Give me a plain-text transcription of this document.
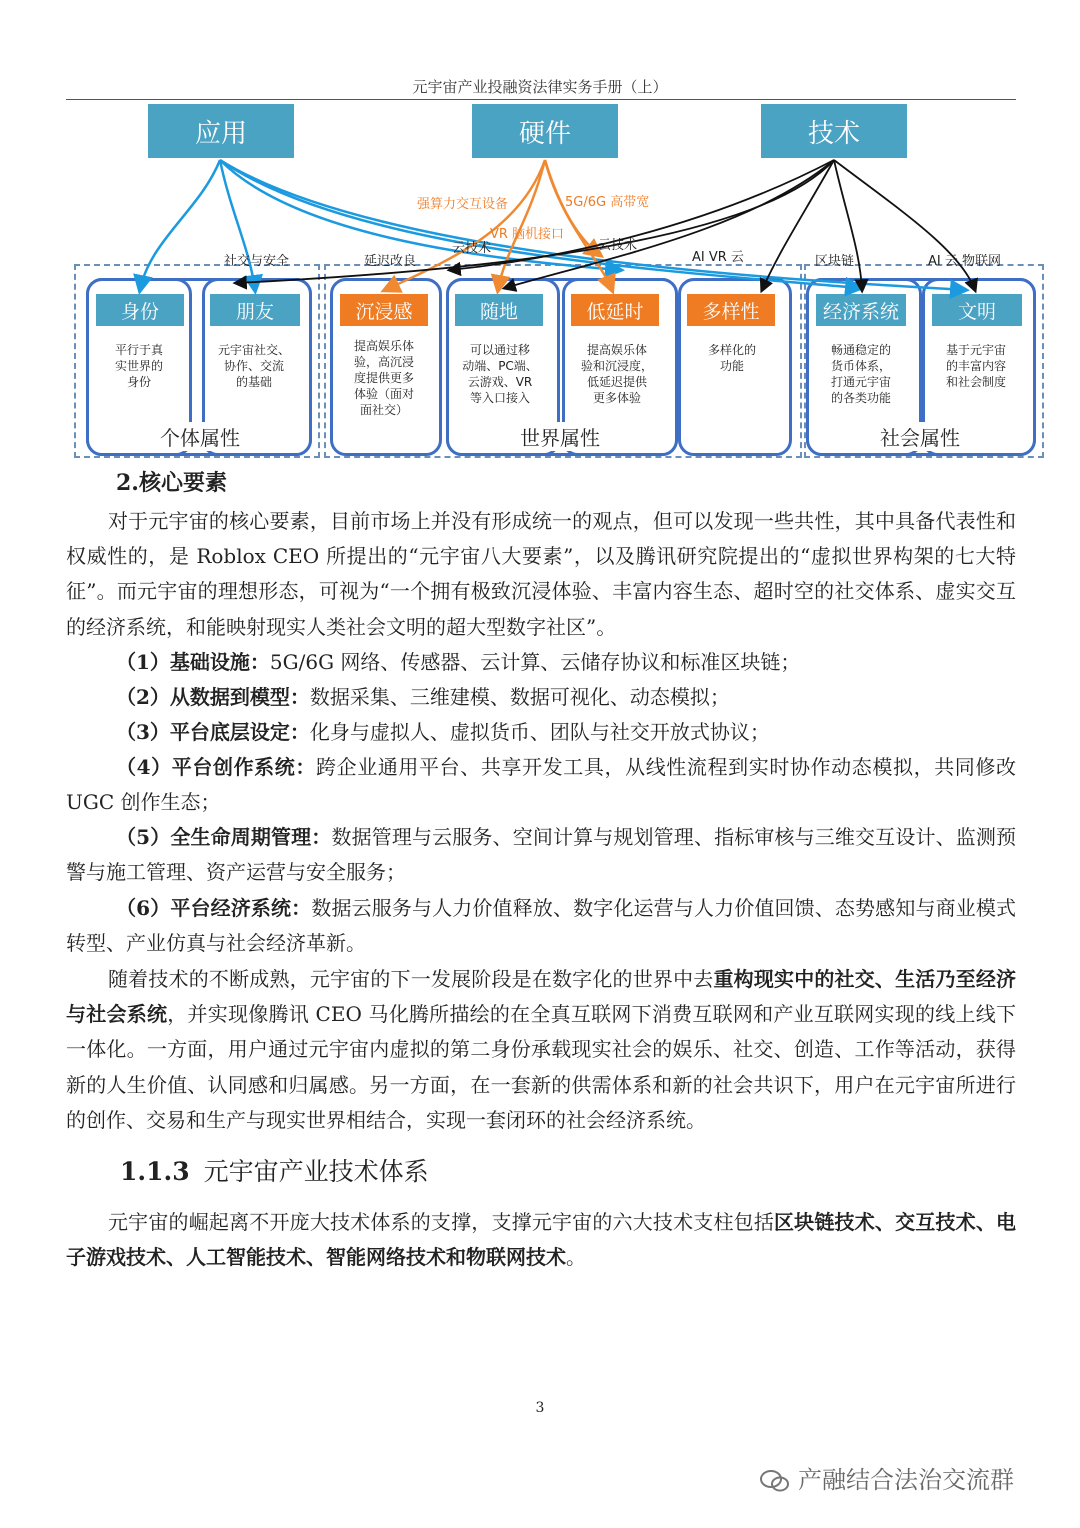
元宇宙产业投融资法律实务手册（上）
应用	硬件	技术
身份	朋友	沉浸感	随地	低延时	多样性	经济系统	文明
平行于真
实世界的
身份
元宇宙社交、
协作、交流
的基础
提高娱乐体
验，高沉浸
度提供更多
体验（面对
面社交）
可以通过移
动端、PC端、
云游戏、VR
等入口接入
提高娱乐体
验和沉浸度，
低延迟提供
更多体验
多样化的
功能
畅通稳定的
货币体系，
打通元宇宙
的各类功能
基于元宇宙
的丰富内容
和社会制度
个体属性	世界属性	社会属性
强算力交互设备	5G/6G 高带宽
VR 脑机接口
云技术	云技术
社交与安全	延迟改良	AI VR 云	区块链	AI 云 物联网
2.核心要素
对于元宇宙的核心要素，目前市场上并没有形成统一的观点，但可以发现一些共性，其中具备代表性和权威性的，是 Roblox CEO 所提出的“元宇宙八大要素”，以及腾讯研究院提出的“虚拟世界构架的七大特征”。而元宇宙的理想形态，可视为“一个拥有极致沉浸体验、丰富内容生态、超时空的社交体系、虚实交互的经济系统，和能映射现实人类社会文明的超大型数字社区”。
（1）基础设施：5G/6G 网络、传感器、云计算、云储存协议和标准区块链；
（2）从数据到模型：数据采集、三维建模、数据可视化、动态模拟；
（3）平台底层设定：化身与虚拟人、虚拟货币、团队与社交开放式协议；
（4）平台创作系统：跨企业通用平台、共享开发工具，从线性流程到实时协作动态模拟，共同修改 UGC 创作生态；
（5）全生命周期管理：数据管理与云服务、空间计算与规划管理、指标审核与三维交互设计、监测预警与施工管理、资产运营与安全服务；
（6）平台经济系统：数据云服务与人力价值释放、数字化运营与人力价值回馈、态势感知与商业模式转型、产业仿真与社会经济革新。
随着技术的不断成熟，元宇宙的下一发展阶段是在数字化的世界中去重构现实中的社交、生活乃至经济与社会系统，并实现像腾讯 CEO 马化腾所描绘的在全真互联网下消费互联网和产业互联网实现的线上线下一体化。一方面，用户通过元宇宙内虚拟的第二身份承载现实社会的娱乐、社交、创造、工作等活动，获得新的人生价值、认同感和归属感。另一方面，在一套新的供需体系和新的社会共识下，用户在元宇宙所进行的创作、交易和生产与现实世界相结合，实现一套闭环的社会经济系统。
1.1.3 元宇宙产业技术体系
元宇宙的崛起离不开庞大技术体系的支撑，支撑元宇宙的六大技术支柱包括区块链技术、交互技术、电子游戏技术、人工智能技术、智能网络技术和物联网技术。
3
产融结合法治交流群
